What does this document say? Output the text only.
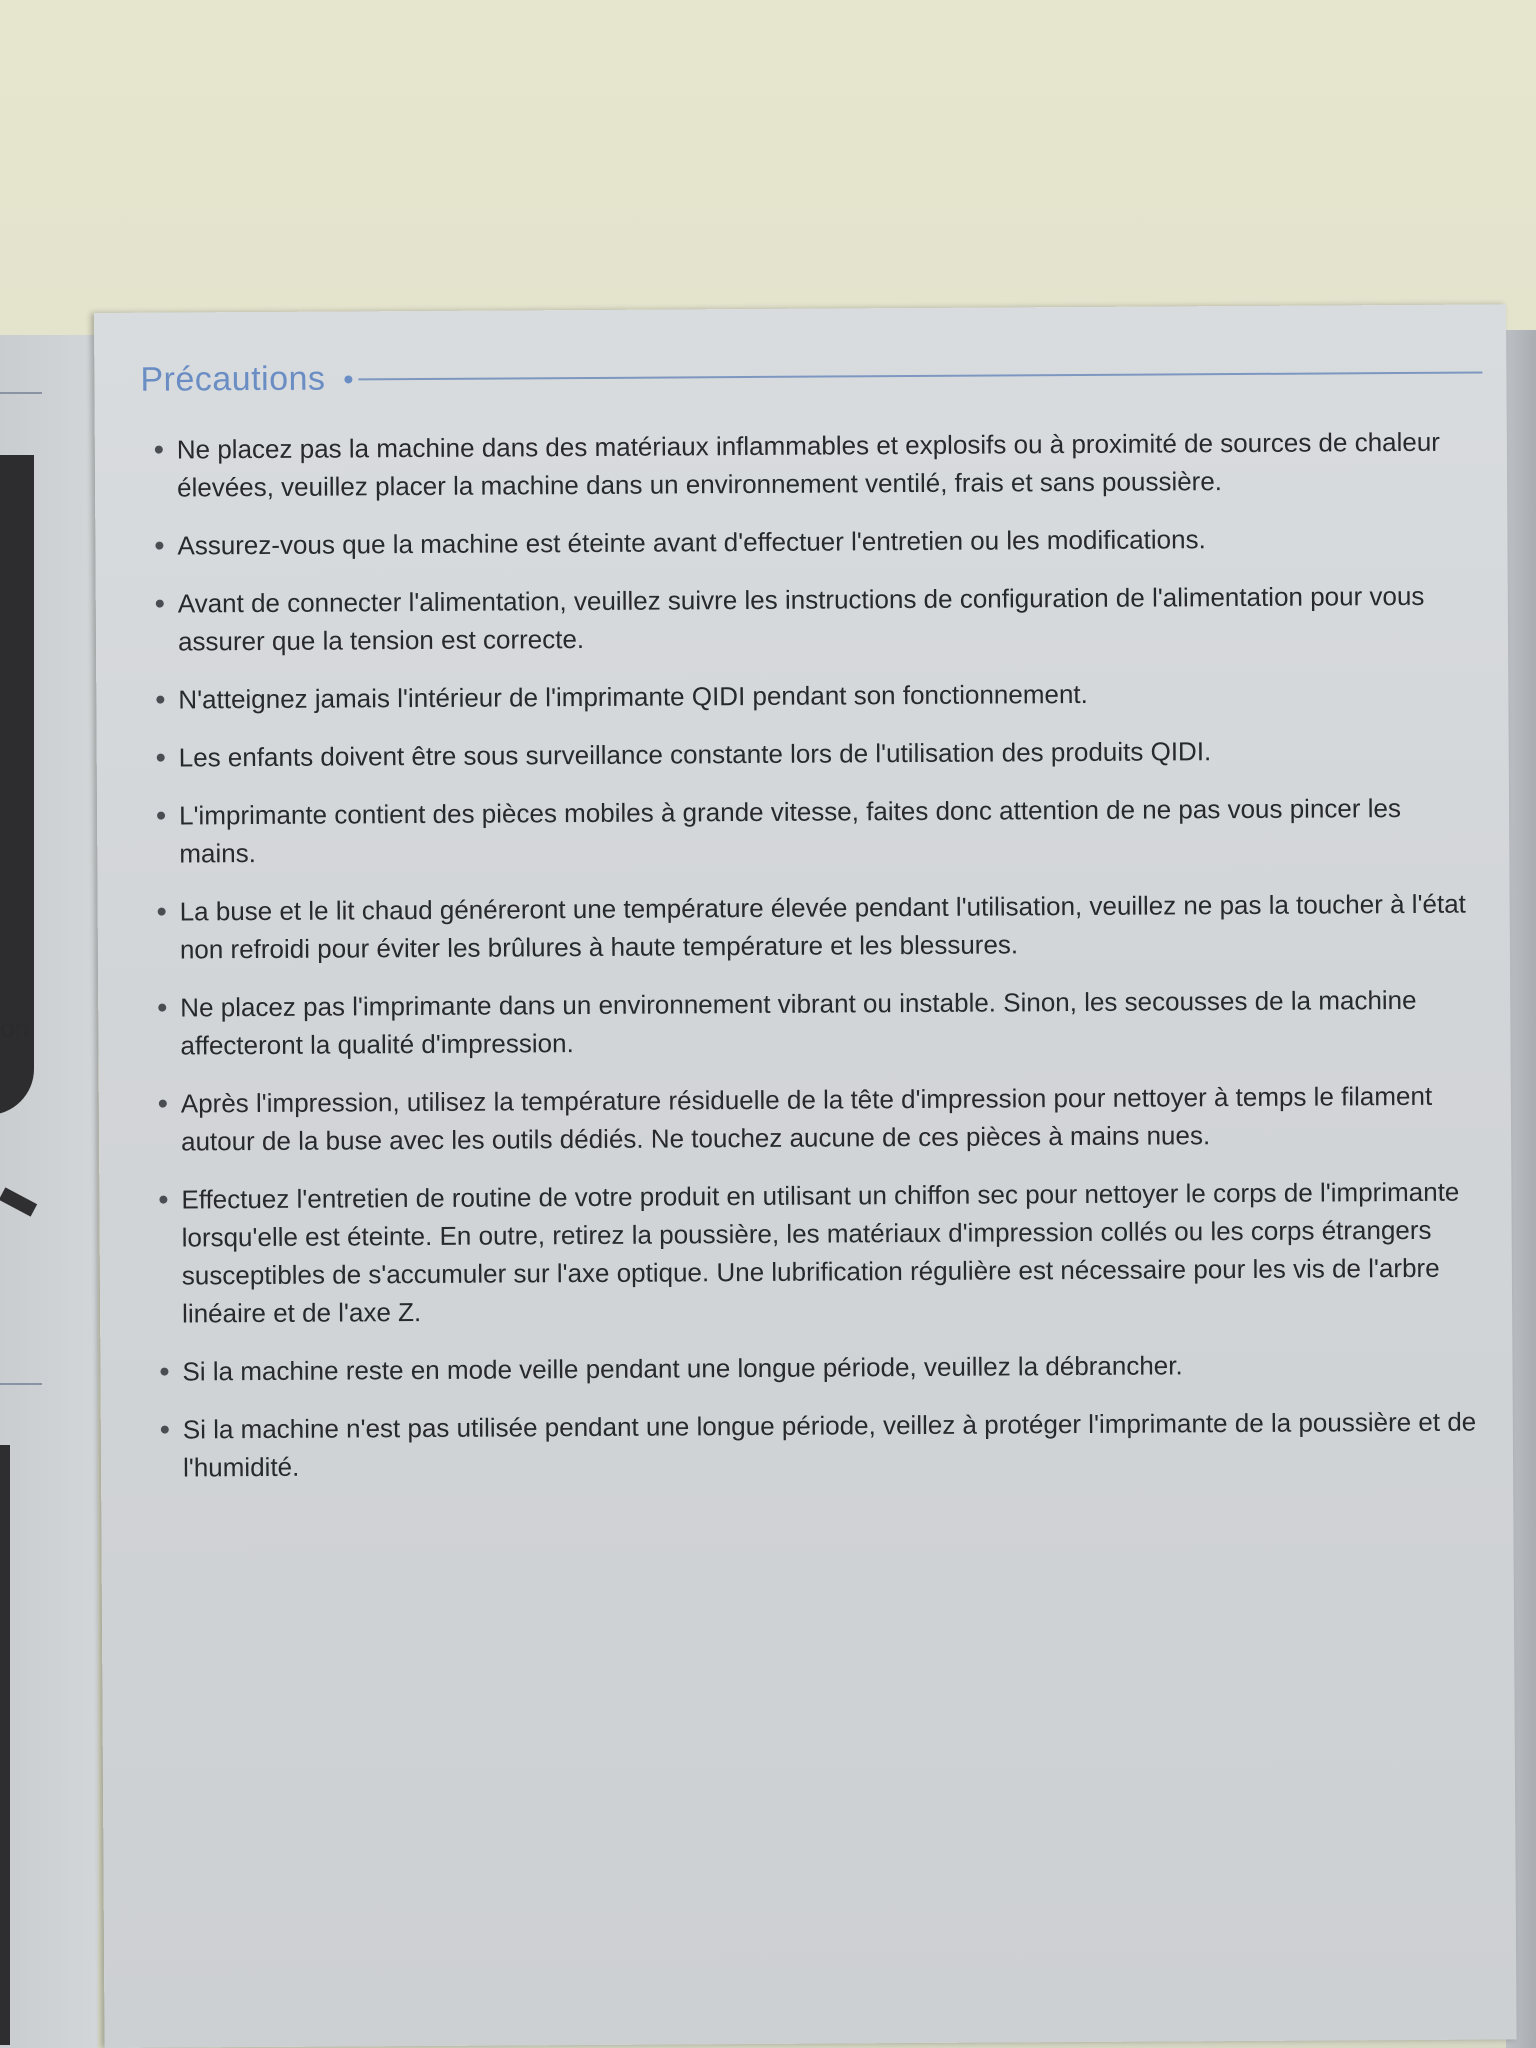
on
Précautions
Ne placez pas la machine dans des matériaux inflammables et explosifs ou à proximité de sources de chaleur élevées, veuillez placer la machine dans un environnement ventilé, frais et sans poussière.
Assurez-vous que la machine est éteinte avant d'effectuer l'entretien ou les modifications.
Avant de connecter l'alimentation, veuillez suivre les instructions de configuration de l'alimentation pour vous assurer que la tension est correcte.
N'atteignez jamais l'intérieur de l'imprimante QIDI pendant son fonctionnement.
Les enfants doivent être sous surveillance constante lors de l'utilisation des produits QIDI.
L'imprimante contient des pièces mobiles à grande vitesse, faites donc attention de ne pas vous pincer les mains.
La buse et le lit chaud généreront une température élevée pendant l'utilisation, veuillez ne pas la toucher à l'état non refroidi pour éviter les brûlures à haute température et les blessures.
Ne placez pas l'imprimante dans un environnement vibrant ou instable. Sinon, les secousses de la machine affecteront la qualité d'impression.
Après l'impression, utilisez la température résiduelle de la tête d'impression pour nettoyer à temps le filament autour de la buse avec les outils dédiés. Ne touchez aucune de ces pièces à mains nues.
Effectuez l'entretien de routine de votre produit en utilisant un chiffon sec pour nettoyer le corps de l'imprimante lorsqu'elle est éteinte. En outre, retirez la poussière, les matériaux d'impression collés ou les corps étrangers susceptibles de s'accumuler sur l'axe optique. Une lubrification régulière est nécessaire pour les vis de l'arbre linéaire et de l'axe Z.
Si la machine reste en mode veille pendant une longue période, veuillez la débrancher.
Si la machine n'est pas utilisée pendant une longue période, veillez à protéger l'imprimante de la poussière et de l'humidité.
